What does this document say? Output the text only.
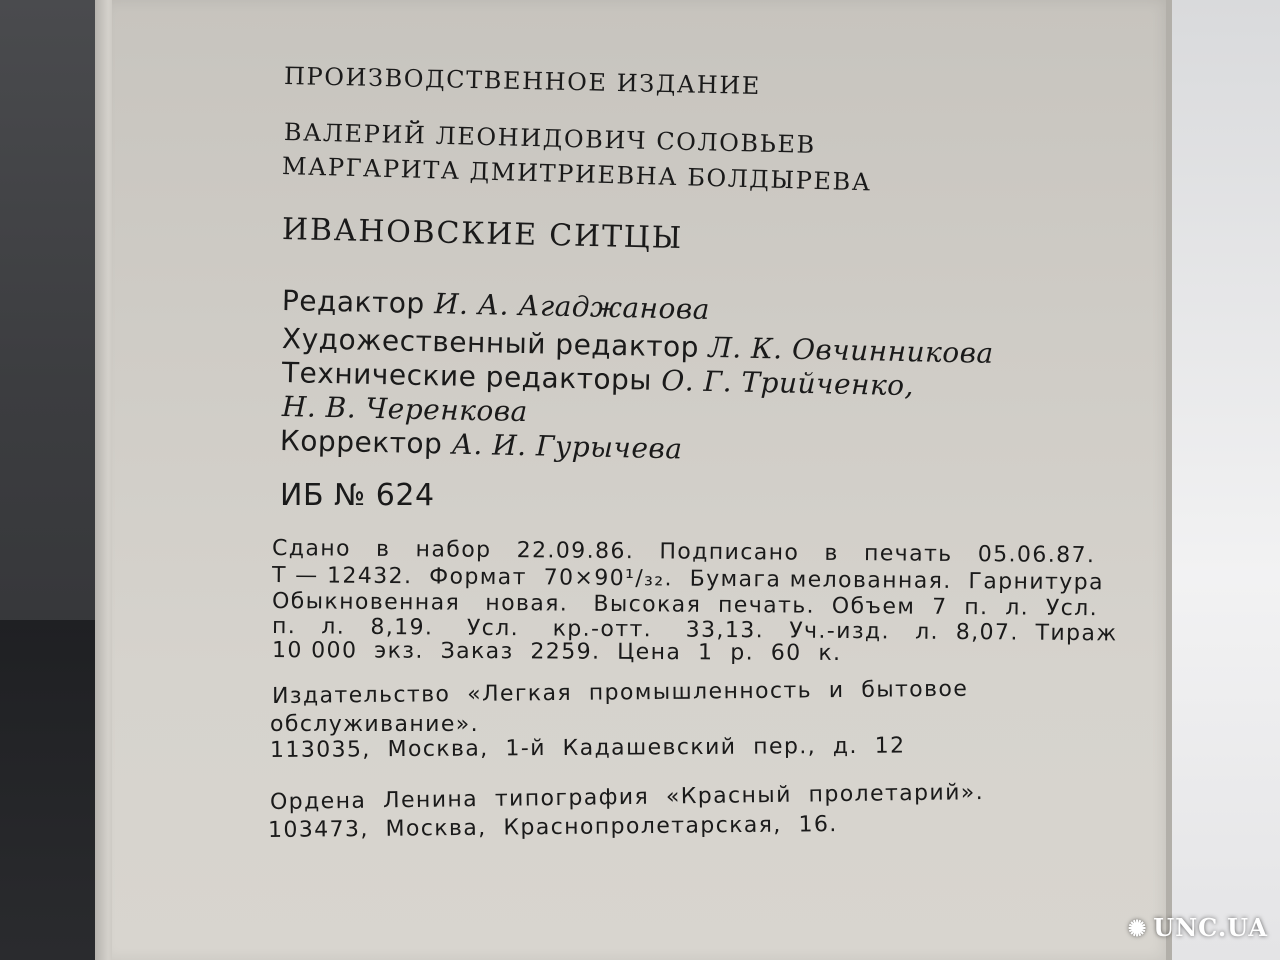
ПРОИЗВОДСТВЕННОЕ ИЗДАНИЕ
ВАЛЕРИЙ ЛЕОНИДОВИЧ СОЛОВЬЕВ
МАРГАРИТА ДМИТРИЕВНА БОЛДЫРЕВА
ИВАНОВСКИЕ СИТЦЫ
Редактор И. А. Агаджанова
Художественный редактор Л. К. Овчинникова
Технические редакторы О. Г. Трийченко,
Н. В. Черенкова
Корректор А. И. Гурычева
ИБ № 624
Сдано   в   набор   22.09.86.   Подписано   в   печать   05.06.87.
Т — 12432.  Формат  70×90¹/₃₂.  Бумага мелованная.  Гарнитура
Обыкновенная   новая.   Высокая  печать.  Объем  7  п.  л.  Усл.
п.   л.   8,19.    Усл.    кр.-отт.    33,13.   Уч.-изд.   л.  8,07.  Тираж
10 000  экз.  Заказ  2259.  Цена  1  р.  60  к.
Издательство  «Легкая  промышленность  и  бытовое
обслуживание».
113035,  Москва,  1-й  Кадашевский  пер.,  д.  12
Ордена  Ленина  типография  «Красный  пролетарий».
103473,  Москва,  Краснопролетарская,  16.
✺ UNC.UA
